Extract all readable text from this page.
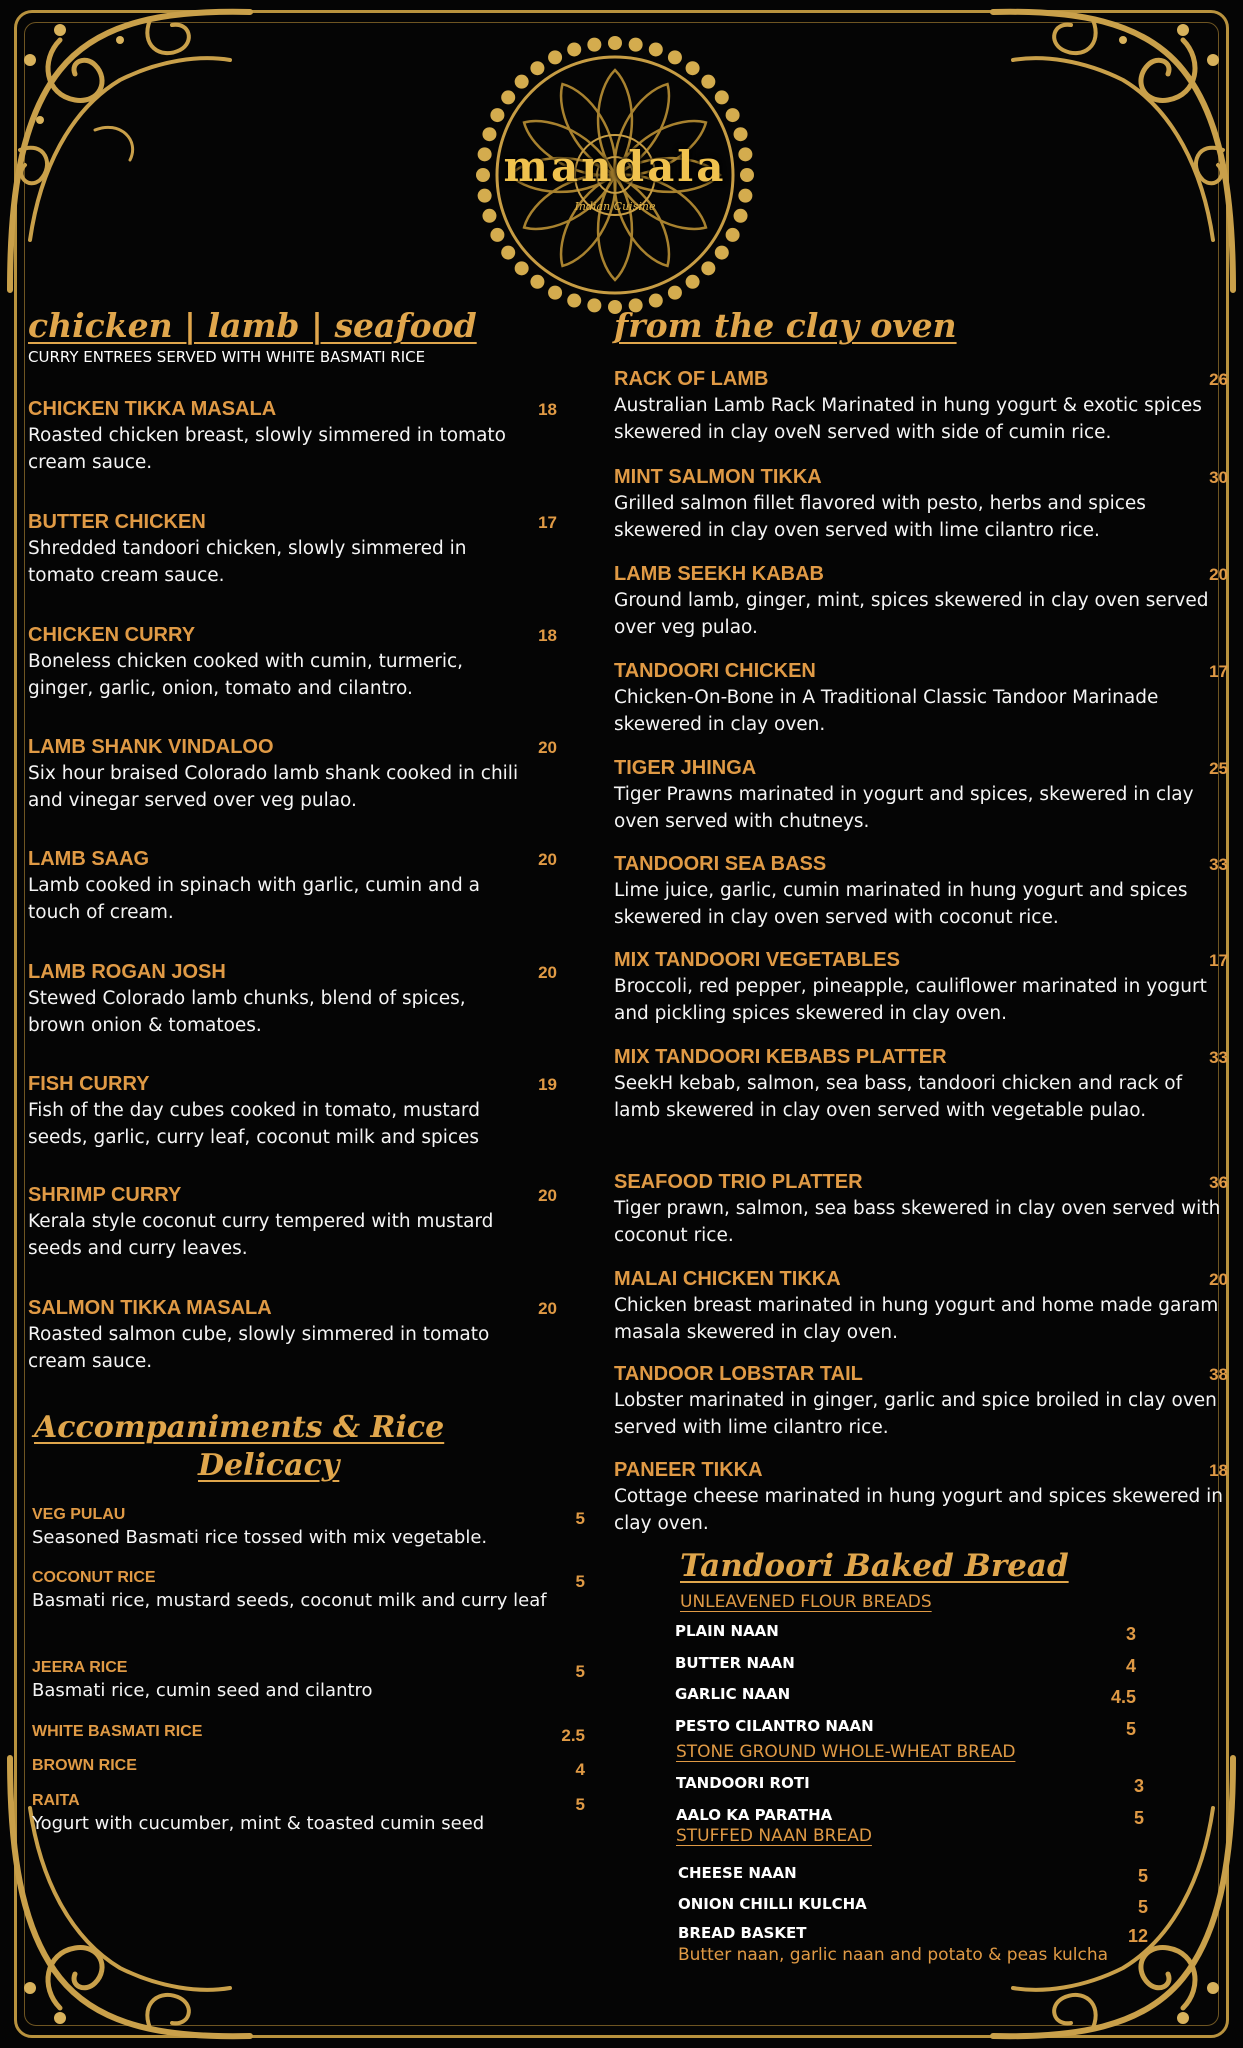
mandala
Indian Cuisine
chicken | lamb | seafood
CURRY ENTREES SERVED WITH WHITE BASMATI RICE
CHICKEN TIKKA MASALA
Roasted chicken breast, slowly simmered in tomato cream sauce.
18
BUTTER CHICKEN
Shredded tandoori chicken, slowly simmered in tomato cream sauce.
17
CHICKEN CURRY
Boneless chicken cooked with cumin, turmeric, ginger, garlic, onion, tomato and cilantro.
18
LAMB SHANK VINDALOO
Six hour braised Colorado lamb shank cooked in chili and vinegar served over veg pulao.
20
LAMB SAAG
Lamb cooked in spinach with garlic, cumin and a touch of cream.
20
LAMB ROGAN JOSH
Stewed Colorado lamb chunks, blend of spices, brown onion & tomatoes.
20
FISH CURRY
Fish of the day cubes cooked in tomato, mustard seeds, garlic, curry leaf, coconut milk and spices
19
SHRIMP CURRY
Kerala style coconut curry tempered with mustard seeds and curry leaves.
20
SALMON TIKKA MASALA
Roasted salmon cube, slowly simmered in tomato cream sauce.
20
Accompaniments & Rice
Delicacy
VEG PULAU
Seasoned Basmati rice tossed with mix vegetable.
5
COCONUT RICE
Basmati rice, mustard seeds, coconut milk and curry leaf
5
JEERA RICE
Basmati rice, cumin seed and cilantro
5
WHITE BASMATI RICE	2.5
BROWN RICE	4
RAITA
Yogurt with cucumber, mint & toasted cumin seed
5
from the clay oven
RACK OF LAMB
Australian Lamb Rack Marinated in hung yogurt & exotic spices skewered in clay oveN served with side of cumin rice.
26
MINT SALMON TIKKA
Grilled salmon fillet flavored with pesto, herbs and spices skewered in clay oven served with lime cilantro rice.
30
LAMB SEEKH KABAB
Ground lamb, ginger, mint, spices skewered in clay oven served over veg pulao.
20
TANDOORI CHICKEN
Chicken-On-Bone in A Traditional Classic Tandoor Marinade skewered in clay oven.
17
TIGER JHINGA
Tiger Prawns marinated in yogurt and spices, skewered in clay oven served with chutneys.
25
TANDOORI SEA BASS
Lime juice, garlic, cumin marinated in hung yogurt and spices skewered in clay oven served with coconut rice.
33
MIX TANDOORI VEGETABLES
Broccoli, red pepper, pineapple, cauliflower marinated in yogurt and pickling spices skewered in clay oven.
17
MIX TANDOORI KEBABS PLATTER
SeekH kebab, salmon, sea bass, tandoori chicken and rack of lamb skewered in clay oven served with vegetable pulao.
33
SEAFOOD TRIO PLATTER
Tiger prawn, salmon, sea bass skewered in clay oven served with coconut rice.
36
MALAI CHICKEN TIKKA
Chicken breast marinated in hung yogurt and home made garam masala skewered in clay oven.
20
TANDOOR LOBSTAR TAIL
Lobster marinated in ginger, garlic and spice broiled in clay oven served with lime cilantro rice.
38
PANEER TIKKA
Cottage cheese marinated in hung yogurt and spices skewered in clay oven.
18
Tandoori Baked Bread
UNLEAVENED FLOUR BREADS
STONE GROUND WHOLE-WHEAT BREAD
STUFFED NAAN BREAD
PLAIN NAAN	3
BUTTER NAAN	4
GARLIC NAAN	4.5
PESTO CILANTRO NAAN	5
TANDOORI ROTI	3
AALO KA PARATHA	5
CHEESE NAAN	5
ONION CHILLI KULCHA	5
BREAD BASKET	12
Butter naan, garlic naan and potato & peas kulcha
